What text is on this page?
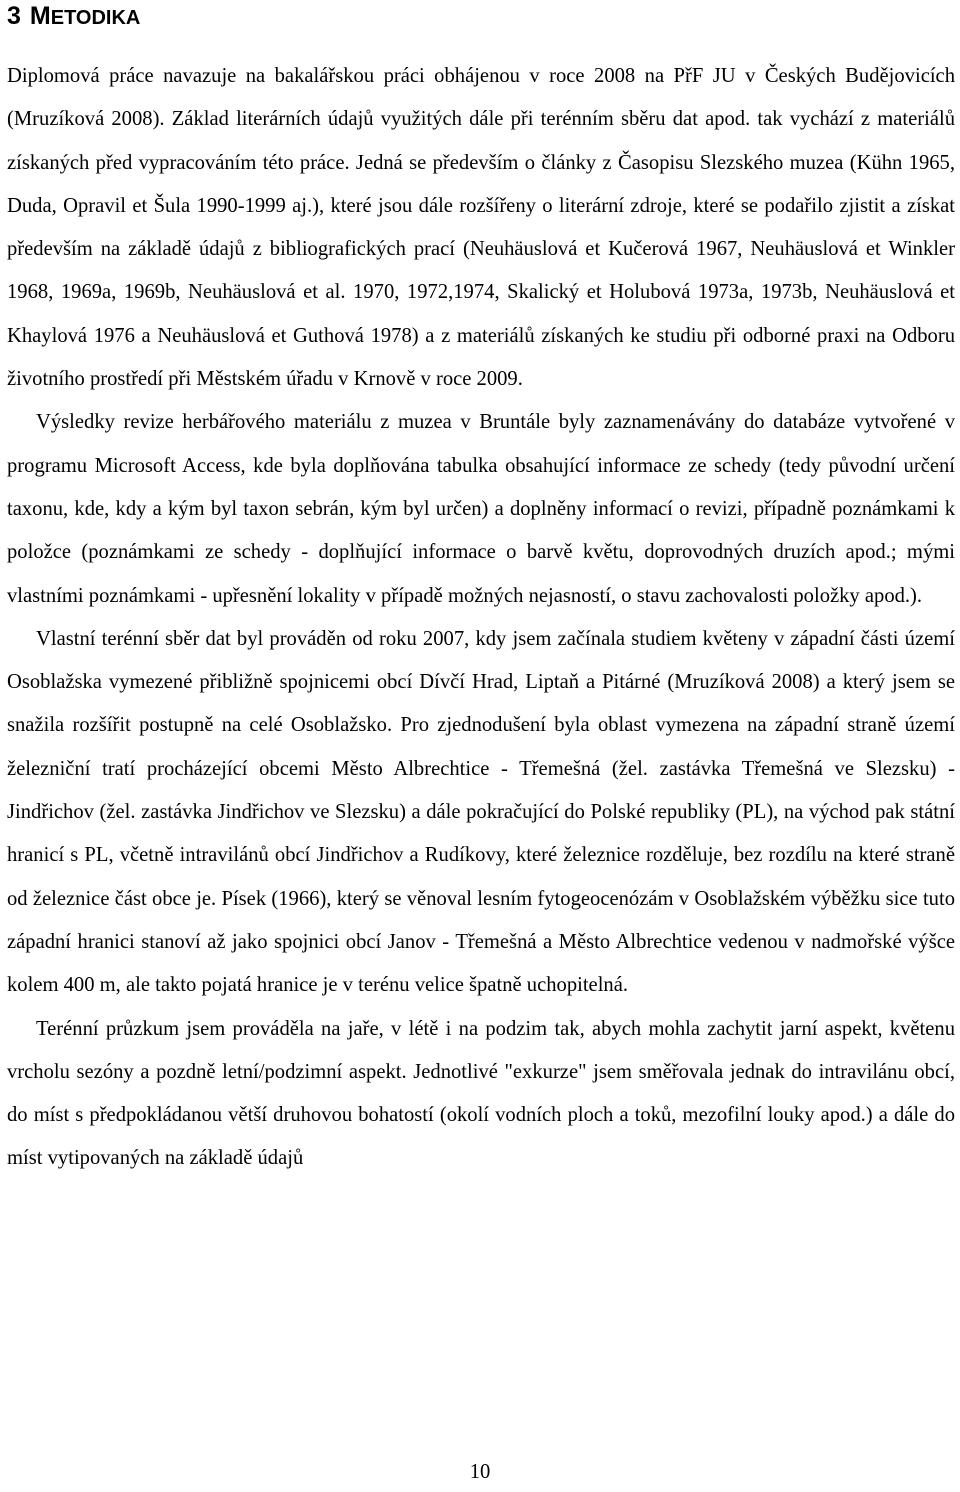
3 METODIKA

Diplomová práce navazuje na bakalářskou práci obhájenou v roce 2008 na PřF JU v Českých Budějovicích (Mruzíková 2008). Základ literárních údajů využitých dále při terénním sběru dat apod. tak vychází z materiálů získaných před vypracováním této práce. Jedná se především o články z Časopisu Slezského muzea (Kühn 1965, Duda, Opravil et Šula 1990-1999 aj.), které jsou dále rozšířeny o literární zdroje, které se podařilo zjistit a získat především na základě údajů z bibliografických prací (Neuhäuslová et Kučerová 1967, Neuhäuslová et Winkler 1968, 1969a, 1969b, Neuhäuslová et al. 1970, 1972,1974, Skalický et Holubová 1973a, 1973b, Neuhäuslová et Khaylová 1976 a Neuhäuslová et Guthová 1978) a z materiálů získaných ke studiu při odborné praxi na Odboru životního prostředí při Městském úřadu v Krnově v roce 2009.

Výsledky revize herbářového materiálu z muzea v Bruntále byly zaznamenávány do databáze vytvořené v programu Microsoft Access, kde byla doplňována tabulka obsahující informace ze schedy (tedy původní určení taxonu, kde, kdy a kým byl taxon sebrán, kým byl určen) a doplněny informací o revizi, případně poznámkami k položce (poznámkami ze schedy - doplňující informace o barvě květu, doprovodných druzích apod.; mými vlastními poznámkami - upřesnění lokality v případě možných nejasností, o stavu zachovalosti položky apod.).

Vlastní terénní sběr dat byl prováděn od roku 2007, kdy jsem začínala studiem květeny v západní části území Osoblažska vymezené přibližně spojnicemi obcí Dívčí Hrad, Liptaň a Pitárné (Mruzíková 2008) a který jsem se snažila rozšířit postupně na celé Osoblažsko. Pro zjednodušení byla oblast vymezena na západní straně území železniční tratí procházející obcemi Město Albrechtice - Třemešná (žel. zastávka Třemešná ve Slezsku) - Jindřichov (žel. zastávka Jindřichov ve Slezsku) a dále pokračující do Polské republiky (PL), na východ pak státní hranicí s PL, včetně intravilánů obcí Jindřichov a Rudíkovy, které železnice rozděluje, bez rozdílu na které straně od železnice část obce je. Písek (1966), který se věnoval lesním fytogeocenózám v Osoblažském výběžku sice tuto západní hranici stanoví až jako spojnici obcí Janov - Třemešná a Město Albrechtice vedenou v nadmořské výšce kolem 400 m, ale takto pojatá hranice je v terénu velice špatně uchopitelná.

Terénní průzkum jsem prováděla na jaře, v létě i na podzim tak, abych mohla zachytit jarní aspekt, květenu vrcholu sezóny a pozdně letní/podzimní aspekt. Jednotlivé "exkurze" jsem směřovala jednak do intravilánu obcí, do míst s předpokládanou větší druhovou bohatostí (okolí vodních ploch a toků, mezofilní louky apod.) a dále do míst vytipovaných na základě údajů

10
